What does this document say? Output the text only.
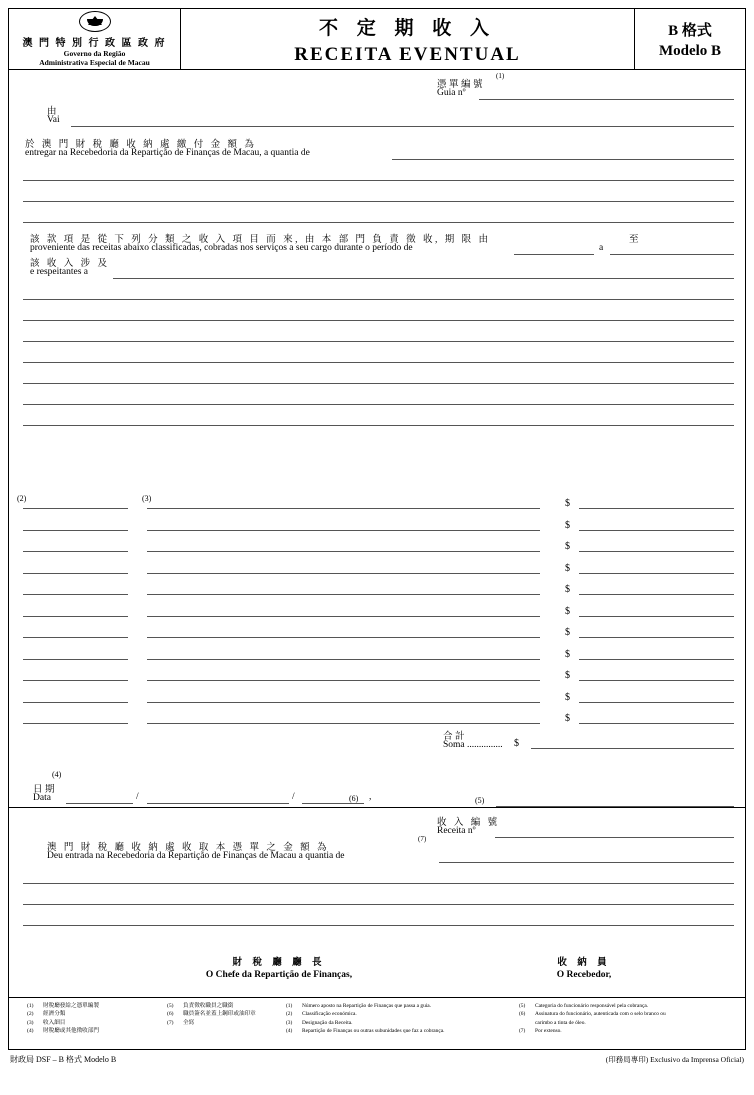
澳 門 特 別 行 政 區 政 府
Governo da Região
Administrativa Especial de Macau
不 定 期 收 入
RECEITA EVENTUAL
B 格式
Modelo B
憑單編號
(1)
Guia nº
由
Vai
於 澳 門 財 稅 廳 收 納 處 繳 付 金 額 為
entregar na Recebedoria da Repartição de Finanças de Macau, a quantia de
該 款 項 是 從 下 列 分 類 之 收 入 項 目 而 來, 由 本 部 門 負 責 徵 收, 期 限 由
proveniente das receitas abaixo classificadas, cobradas nos serviços a seu cargo durante o período de
至
a
該 收 入 涉 及
e respeitantes a
(2)	(3)	$
$
$
$
$
$
$
$
$
$
$
合計
Soma ............... $
(4)
日期
Data	/	/	,	(5)
(6)
收 入 編 號
Receita nº
澳 門 財 稅 廳 收 納 處 收 取 本 憑 單 之 金 額 為
Deu entrada na Recebedoria da Repartição de Finanças de Macau a quantia de
(7)
財 稅 廳 廳 長
O Chefe da Repartição de Finanças,
收 納 員
O Recebedor,
(1)	財稅廳發給之憑單編製
(2)	經濟分類
(3)	收入細目
(4)	財稅廳或其他徵收部門
(5)	負責徵收職員之職銜
(6)	職員簽名並蓋上鋼印或油印章
(7)	全寫
(1)	Número aposto na Repartição de Finanças que passa a guia.
(2)	Classificação económica.
(3)	Designação da Receita.
(4)	Repartição de Finanças ou outras subunidades que faz a cobrança.
(5)	Categoria do funcionário responsável pela cobrança.
(6)	Assinatura do funcionário, autenticada com o selo branco ou
carimbo a tinta de óleo.
(7)	Por extenso.
財政局 DSF – B 格式 Modelo B	(印務局專印) Exclusivo da Imprensa Oficial)
